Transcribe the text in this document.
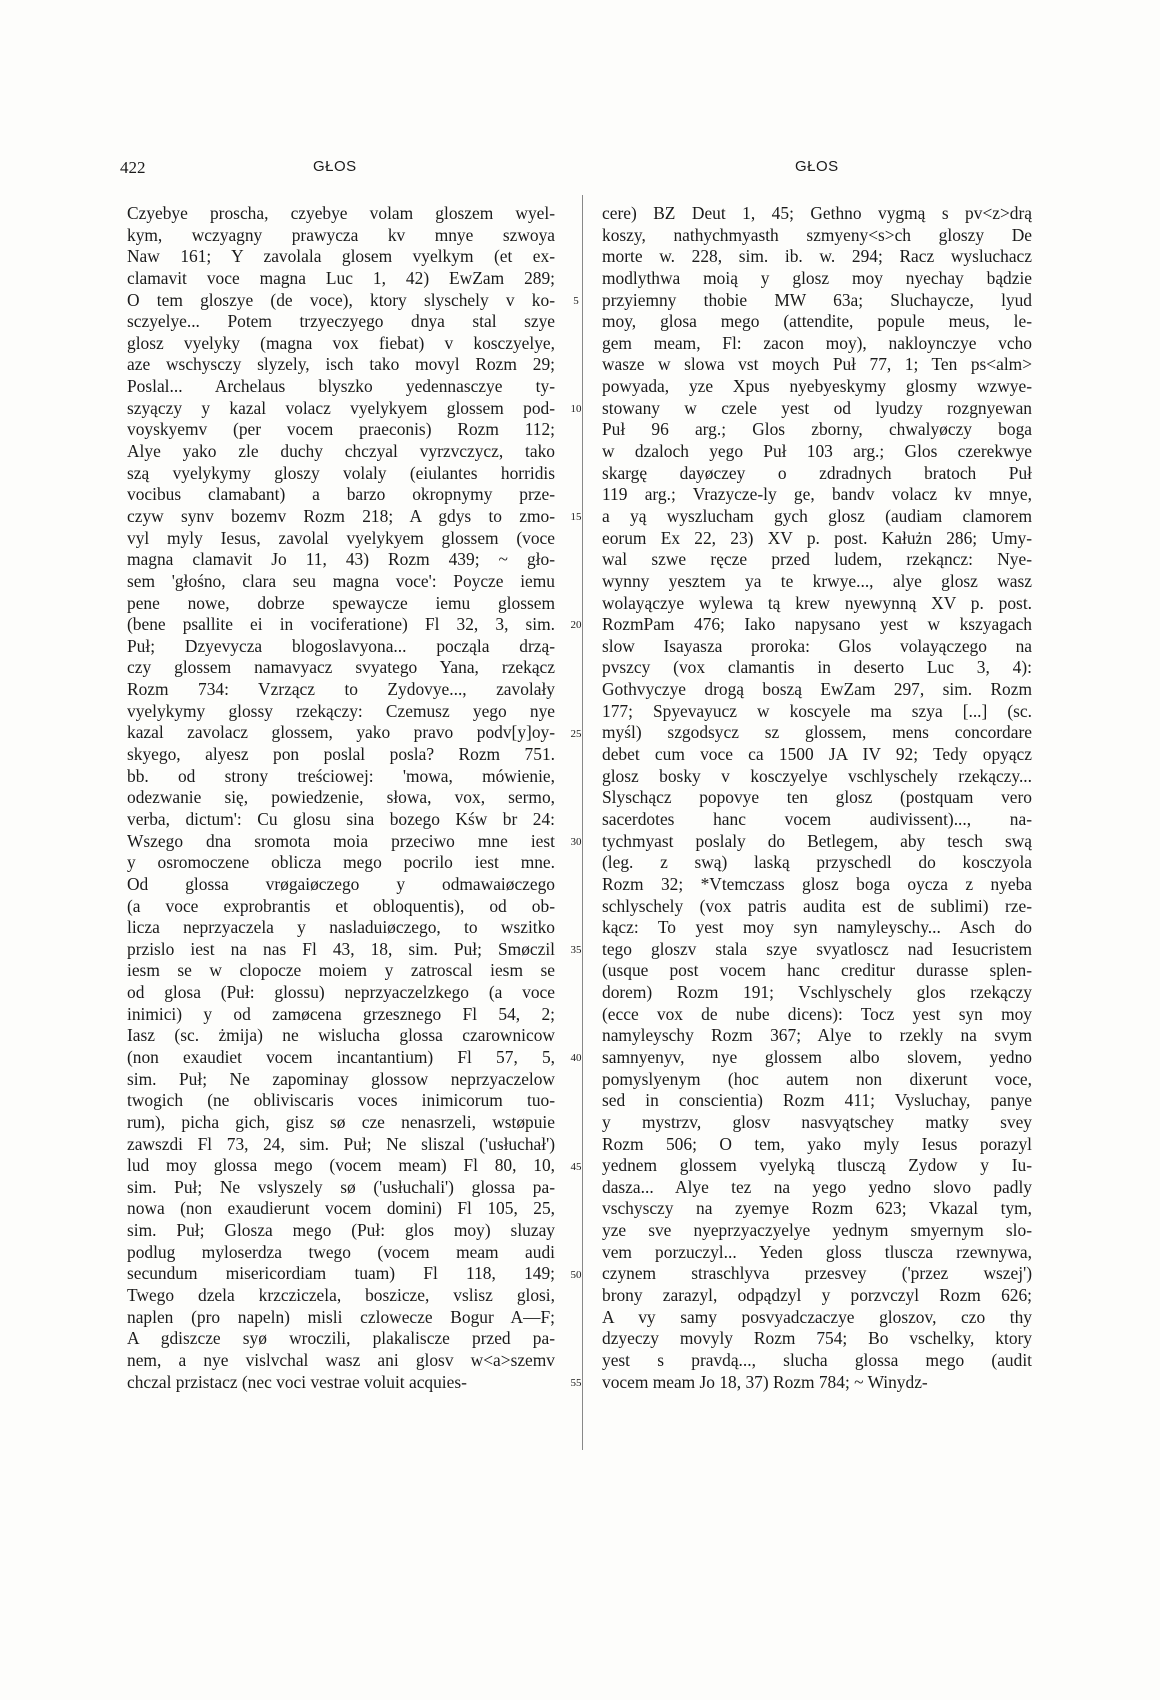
422	GŁOS	GŁOS
Czyebye proscha, czyebye volam gloszem wyel-
kym, wczyagny prawycza kv mnye szwoya
Naw 161; Y zavolala glosem vyelkym (et ex-
clamavit voce magna Luc 1, 42) EwZam 289;
O tem gloszye (de voce), ktory slyschely v ko-
sczyelye... Potem trzyeczyego dnya stal szye
glosz vyelyky (magna vox fiebat) v kosczyelye,
aze wschysczy slyzely, isch tako movyl Rozm 29;
Poslal... Archelaus blyszko yedennasczye ty-
szyączy y kazal volacz vyelykyem glossem pod-
voyskyemv (per vocem praeconis) Rozm 112;
Alye yako zle duchy chczyal vyrzvczycz, tako
szą vyelykymy gloszy volaly (eiulantes horridis
vocibus clamabant) a barzo okropnymy prze-
czyw synv bozemv Rozm 218; A gdys to zmo-
vyl myly Iesus, zavolal vyelykyem glossem (voce
magna clamavit Jo 11, 43) Rozm 439; ~ gło-
sem 'głośno, clara seu magna voce': Poycze iemu
pene nowe, dobrze spewaycze iemu glossem
(bene psallite ei in vociferatione) Fl 32, 3, sim.
Puł; Dzyevycza blogoslavyona... począla drzą-
czy glossem namavyacz svyatego Yana, rzekącz
Rozm 734: Vzrzącz to Zydovye..., zavolały
vyelykymy glossy rzekączy: Czemusz yego nye
kazal zavolacz glossem, yako pravo podv[y]oy-
skyego, alyesz pon poslal posla? Rozm 751.
bb. od strony treściowej: 'mowa, mówienie,
odezwanie się, powiedzenie, słowa, vox, sermo,
verba, dictum': Cu glosu sina bozego Kśw br 24:
Wszego dna sromota moia przeciwo mne iest
y osromoczene oblicza mego pocrilo iest mne.
Od glossa vrøgaiøczego y odmawaiøczego
(a voce exprobrantis et obloquentis), od ob-
licza neprzyaczela y nasladuiøczego, to wszitko
przislo iest na nas Fl 43, 18, sim. Puł; Smøczil
iesm se w clopocze moiem y zatroscal iesm se
od glosa (Puł: glossu) neprzyaczelzkego (a voce
inimici) y od zamøcena grzesznego Fl 54, 2;
Iasz (sc. żmija) ne wislucha glossa czarownicow
(non exaudiet vocem incantantium) Fl 57, 5,
sim. Puł; Ne zapominay glossow neprzyaczelow
twogich (ne obliviscaris voces inimicorum tuo-
rum), picha gich, gisz sø cze nenasrzeli, wstøpuie
zawszdi Fl 73, 24, sim. Puł; Ne sliszal ('usłuchał')
lud moy glossa mego (vocem meam) Fl 80, 10,
sim. Puł; Ne vslyszely sø ('usłuchali') glossa pa-
nowa (non exaudierunt vocem domini) Fl 105, 25,
sim. Puł; Glosza mego (Puł: glos moy) sluzay
podlug myloserdza twego (vocem meam audi
secundum misericordiam tuam) Fl 118, 149;
Twego dzela krzcziczela, boszicze, vslisz glosi,
naplen (pro napeln) misli czlowecze Bogur A—F;
A gdiszcze syø wroczili, plakaliscze przed pa-
nem, a nye vislvchal wasz ani glosv w<a>szemv
chczal przistacz (nec voci vestrae voluit acquies-
5
10
15
20
25
30
35
40
45
50
55
cere) BZ Deut 1, 45; Gethno vygmą s pv<z>drą
koszy, nathychmyasth szmyeny<s>ch gloszy De
morte w. 228, sim. ib. w. 294; Racz wysluchacz
modlythwa moią y glosz moy nyechay bądzie
przyiemny thobie MW 63a; Sluchaycze, lyud
moy, glosa mego (attendite, popule meus, le-
gem meam, Fl: zacon moy), nakloynczye vcho
wasze w slowa vst moych Puł 77, 1; Ten ps<alm>
powyada, yze Xpus nyebyeskymy glosmy wzwye-
stowany w czele yest od lyudzy rozgnyewan
Puł 96 arg.; Glos zborny, chwalyøczy boga
w dzaloch yego Puł 103 arg.; Glos czerekwye
skargę dayøczey o zdradnych bratoch Puł
119 arg.; Vrazycze-ly ge, bandv volacz kv mnye,
a yą wyszlucham gych glosz (audiam clamorem
eorum Ex 22, 23) XV p. post. Kałużn 286; Umy-
wal szwe ręcze przed ludem, rzekąncz: Nye-
wynny yesztem ya te krwye..., alye glosz wasz
wolayączye wylewa tą krew nyewynną XV p. post.
RozmPam 476; Iako napysano yest w kszyagach
slow Isayasza proroka: Glos volayączego na
pvszcy (vox clamantis in deserto Luc 3, 4):
Gothvyczye drogą boszą EwZam 297, sim. Rozm
177; Spyevayucz w koscyele ma szya [...] (sc.
myśl) szgodsycz sz glossem, mens concordare
debet cum voce ca 1500 JA IV 92; Tedy opyącz
glosz bosky v kosczyelye vschlyschely rzekączy...
Slyschącz popovye ten glosz (postquam vero
sacerdotes hanc vocem audivissent)..., na-
tychmyast poslaly do Betlegem, aby tesch swą
(leg. z swą) laską przyschedl do kosczyola
Rozm 32; *Vtemczass glosz boga oycza z nyeba
schlyschely (vox patris audita est de sublimi) rze-
kącz: To yest moy syn namyleyschy... Asch do
tego gloszv stala szye svyatloscz nad Iesucristem
(usque post vocem hanc creditur durasse splen-
dorem) Rozm 191; Vschlyschely glos rzekączy
(ecce vox de nube dicens): Tocz yest syn moy
namyleyschy Rozm 367; Alye to rzekly na svym
samnyenyv, nye glossem albo slovem, yedno
pomyslyenym (hoc autem non dixerunt voce,
sed in conscientia) Rozm 411; Vysluchay, panye
y mystrzv, glosv nasvyątschey matky svey
Rozm 506; O tem, yako myly Iesus porazyl
yednem glossem vyelyką tlusczą Zydow y Iu-
dasza... Alye tez na yego yedno slovo padly
vschysczy na zyemye Rozm 623; Vkazal tym,
yze sve nyeprzyaczyelye yednym smyernym slo-
vem porzuczyl... Yeden gloss tluscza rzewnywa,
czynem straschlyva przesvey ('przez wszej')
brony zarazyl, odpądzyl y porzvczyl Rozm 626;
A vy samy posvyadczaczye gloszov, czo thy
dzyeczy movyly Rozm 754; Bo vschelky, ktory
yest s pravdą..., slucha glossa mego (audit
vocem meam Jo 18, 37) Rozm 784; ~ Winydz-
